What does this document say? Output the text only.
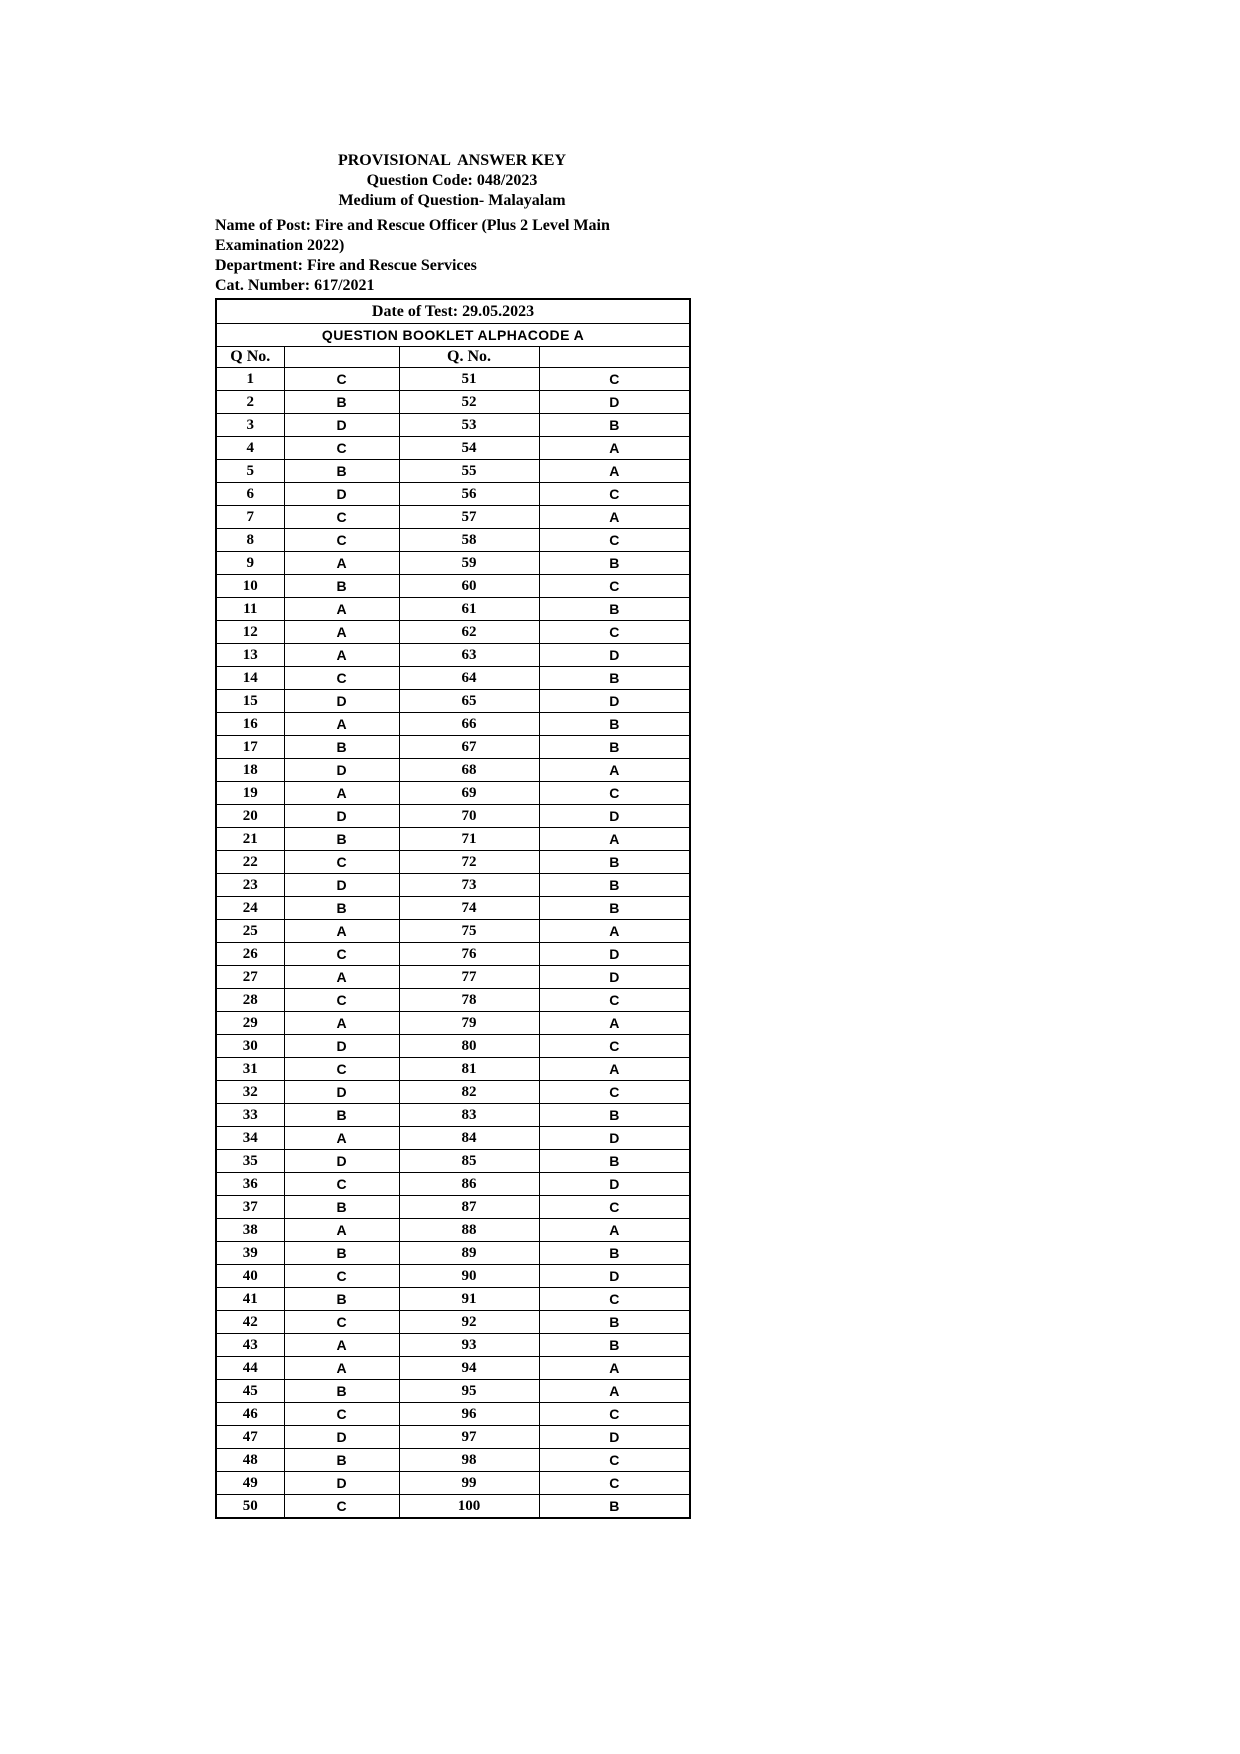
PROVISIONAL  ANSWER KEY
Question Code: 048/2023
Medium of Question- Malayalam
Name of Post: Fire and Rescue Officer (Plus 2 Level Main
Examination 2022)
Department: Fire and Rescue Services
Cat. Number: 617/2021
Date of Test: 29.05.2023			
QUESTION BOOKLET ALPHACODE A			
Q No.		Q. No.	
1	C	51	C
2	B	52	D
3	D	53	B
4	C	54	A
5	B	55	A
6	D	56	C
7	C	57	A
8	C	58	C
9	A	59	B
10	B	60	C
11	A	61	B
12	A	62	C
13	A	63	D
14	C	64	B
15	D	65	D
16	A	66	B
17	B	67	B
18	D	68	A
19	A	69	C
20	D	70	D
21	B	71	A
22	C	72	B
23	D	73	B
24	B	74	B
25	A	75	A
26	C	76	D
27	A	77	D
28	C	78	C
29	A	79	A
30	D	80	C
31	C	81	A
32	D	82	C
33	B	83	B
34	A	84	D
35	D	85	B
36	C	86	D
37	B	87	C
38	A	88	A
39	B	89	B
40	C	90	D
41	B	91	C
42	C	92	B
43	A	93	B
44	A	94	A
45	B	95	A
46	C	96	C
47	D	97	D
48	B	98	C
49	D	99	C
50	C	100	B
